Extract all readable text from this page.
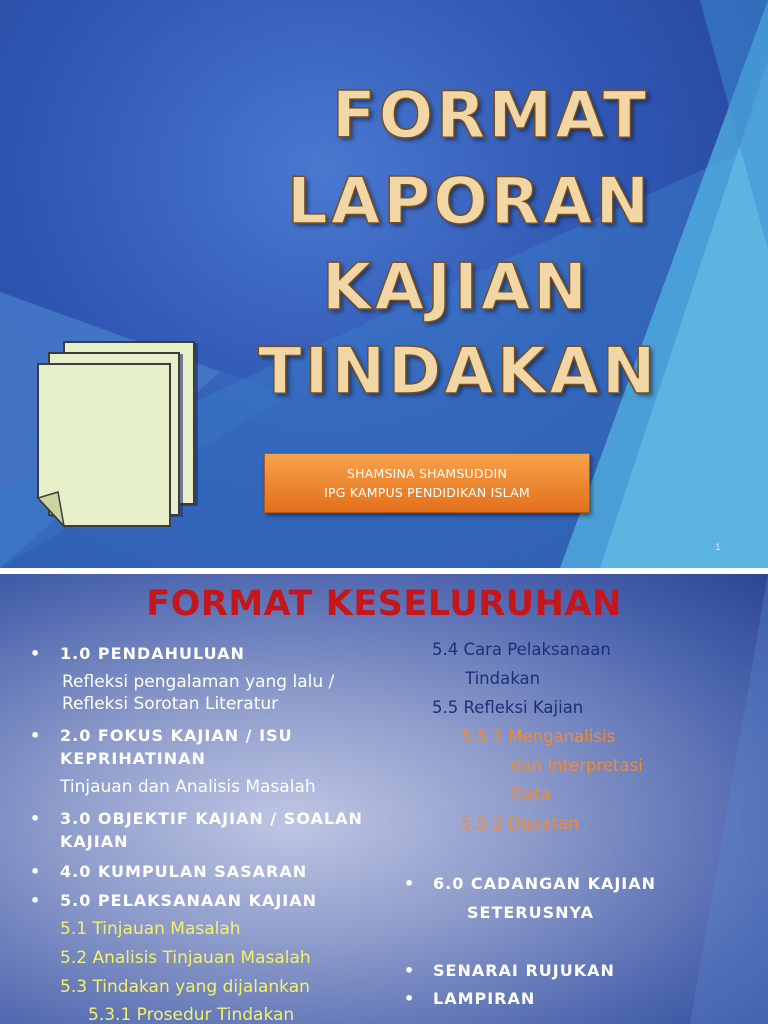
FORMAT
LAPORAN
KAJIAN
TINDAKAN
SHAMSINA SHAMSUDDIN
IPG KAMPUS PENDIDIKAN ISLAM
1
FORMAT KESELURUHAN
• 1.0 PENDAHULUAN
Refleksi pengalaman yang lalu /
Refleksi Sorotan Literatur
• 2.0 FOKUS KAJIAN / ISU
KEPRIHATINAN
Tinjauan dan Analisis Masalah
• 3.0 OBJEKTIF KAJIAN / SOALAN
KAJIAN
• 4.0 KUMPULAN SASARAN
• 5.0 PELAKSANAAN KAJIAN
5.1 Tinjauan Masalah
5.2 Analisis Tinjauan Masalah
5.3 Tindakan yang dijalankan
5.3.1 Prosedur Tindakan
5.4 Cara Pelaksanaan
Tindakan
5.5 Refleksi Kajian
5.5.1 Menganalisis
dan Interpretasi
Data
5.5.2 Dapatan
• 6.0 CADANGAN KAJIAN
SETERUSNYA
• SENARAI RUJUKAN
• LAMPIRAN
